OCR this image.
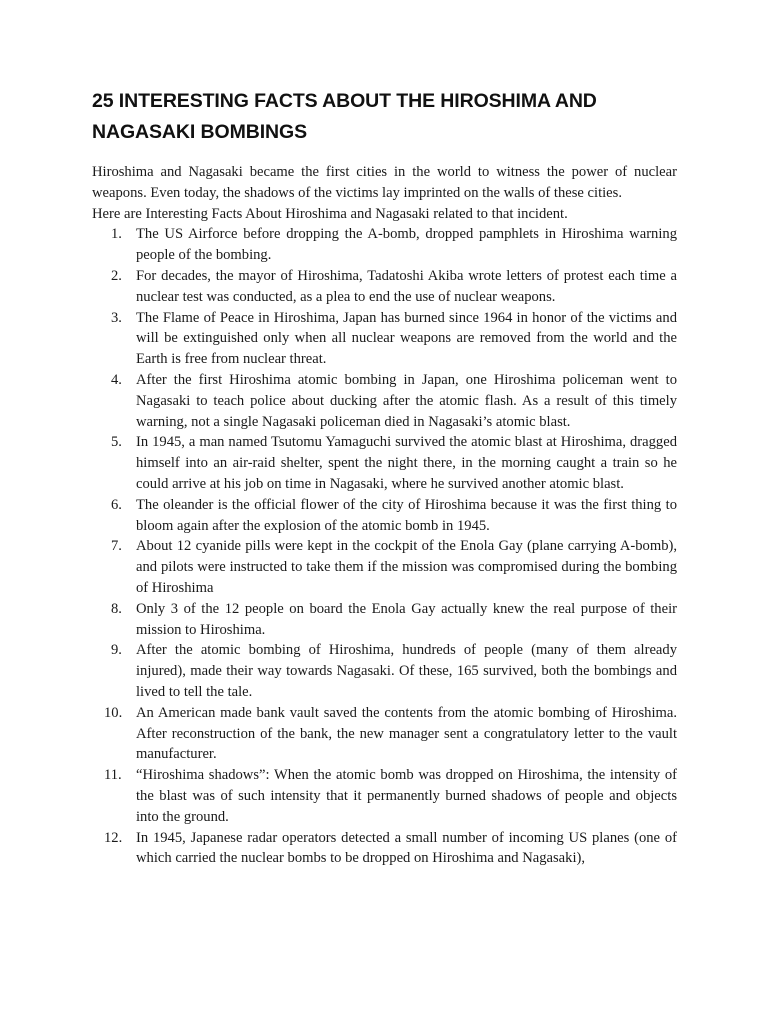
25 INTERESTING FACTS ABOUT THE HIROSHIMA AND NAGASAKI BOMBINGS

Hiroshima and Nagasaki became the first cities in the world to witness the power of nuclear weapons. Even today, the shadows of the victims lay imprinted on the walls of these cities.

Here are Interesting Facts About Hiroshima and Nagasaki related to that incident.

1. The US Airforce before dropping the A-bomb, dropped pamphlets in Hiroshima warning people of the bombing.
2. For decades, the mayor of Hiroshima, Tadatoshi Akiba wrote letters of protest each time a nuclear test was conducted, as a plea to end the use of nuclear weapons.
3. The Flame of Peace in Hiroshima, Japan has burned since 1964 in honor of the victims and will be extinguished only when all nuclear weapons are removed from the world and the Earth is free from nuclear threat.
4. After the first Hiroshima atomic bombing in Japan, one Hiroshima policeman went to Nagasaki to teach police about ducking after the atomic flash. As a result of this timely warning, not a single Nagasaki policeman died in Nagasaki’s atomic blast.
5. In 1945, a man named Tsutomu Yamaguchi survived the atomic blast at Hiroshima, dragged himself into an air-raid shelter, spent the night there, in the morning caught a train so he could arrive at his job on time in Nagasaki, where he survived another atomic blast.
6. The oleander is the official flower of the city of Hiroshima because it was the first thing to bloom again after the explosion of the atomic bomb in 1945.
7. About 12 cyanide pills were kept in the cockpit of the Enola Gay (plane carrying A-bomb), and pilots were instructed to take them if the mission was compromised during the bombing of Hiroshima
8. Only 3 of the 12 people on board the Enola Gay actually knew the real purpose of their mission to Hiroshima.
9. After the atomic bombing of Hiroshima, hundreds of people (many of them already injured), made their way towards Nagasaki. Of these, 165 survived, both the bombings and lived to tell the tale.
10. An American made bank vault saved the contents from the atomic bombing of Hiroshima. After reconstruction of the bank, the new manager sent a congratulatory letter to the vault manufacturer.
11. “Hiroshima shadows”: When the atomic bomb was dropped on Hiroshima, the intensity of the blast was of such intensity that it permanently burned shadows of people and objects into the ground.
12. In 1945, Japanese radar operators detected a small number of incoming US planes (one of which carried the nuclear bombs to be dropped on Hiroshima and Nagasaki),
